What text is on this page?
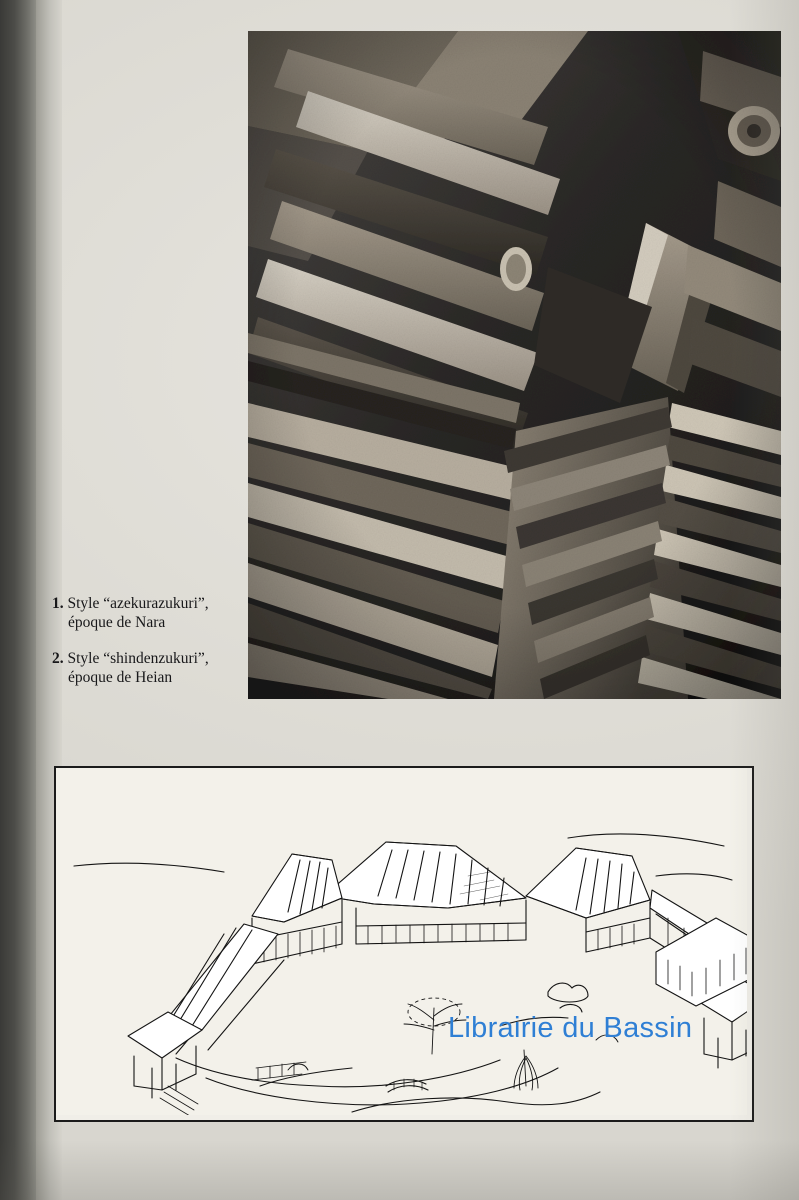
1. Style “azekurazukuri”,
époque de Nara
2. Style “shindenzukuri”,
époque de Heian
Librairie du Bassin
